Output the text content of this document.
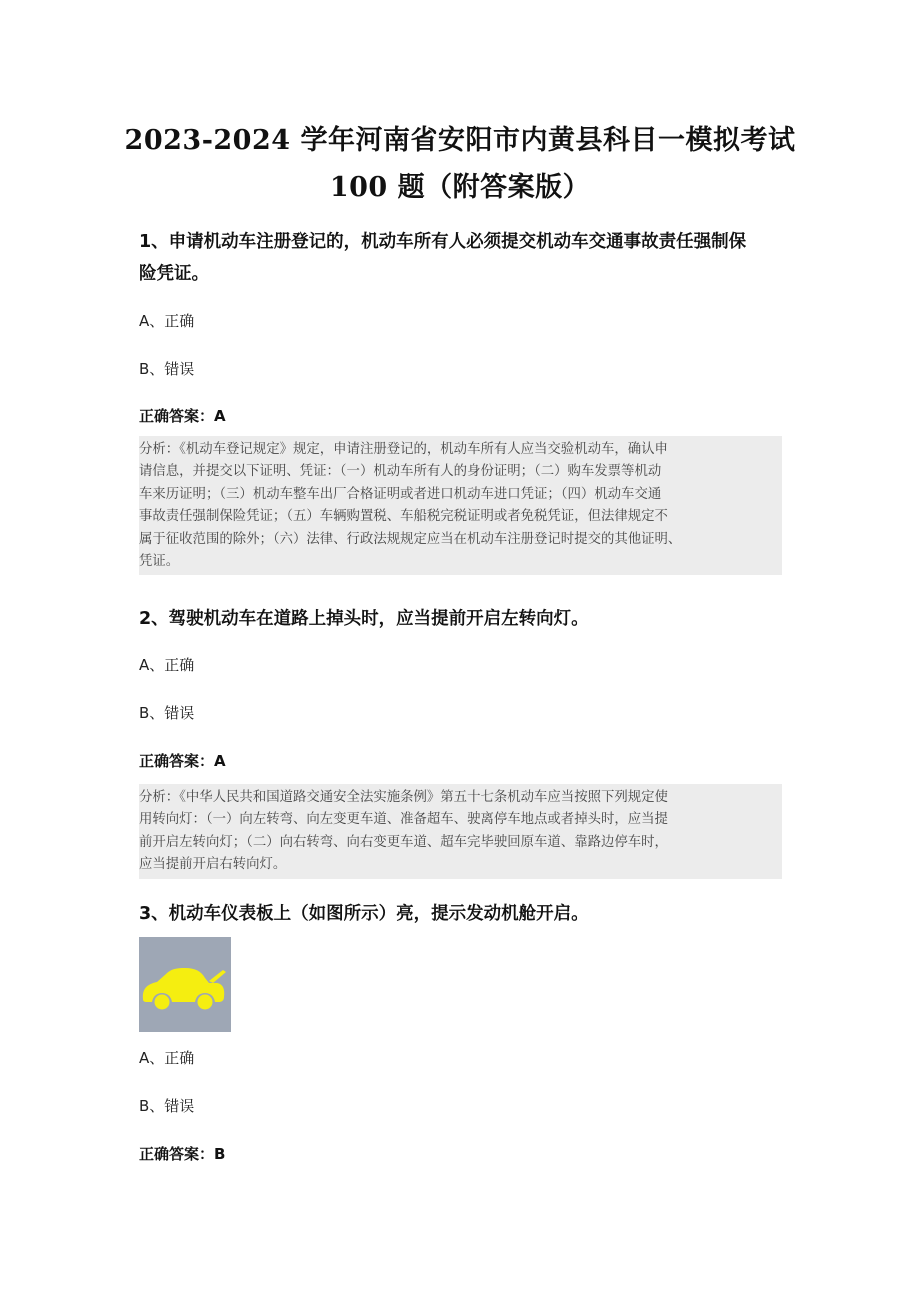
2023-2024 学年河南省安阳市内黄县科目一模拟考试
100 题（附答案版）
1、申请机动车注册登记的，机动车所有人必须提交机动车交通事故责任强制保
险凭证。
A、正确
B、错误
正确答案：A
分析：《机动车登记规定》规定，申请注册登记的，机动车所有人应当交验机动车，确认申
请信息，并提交以下证明、凭证：（一）机动车所有人的身份证明；（二）购车发票等机动
车来历证明；（三）机动车整车出厂合格证明或者进口机动车进口凭证；（四）机动车交通
事故责任强制保险凭证；（五）车辆购置税、车船税完税证明或者免税凭证，但法律规定不
属于征收范围的除外；（六）法律、行政法规规定应当在机动车注册登记时提交的其他证明、
凭证。
2、驾驶机动车在道路上掉头时，应当提前开启左转向灯。
A、正确
B、错误
正确答案：A
分析：《中华人民共和国道路交通安全法实施条例》第五十七条机动车应当按照下列规定使
用转向灯：（一）向左转弯、向左变更车道、准备超车、驶离停车地点或者掉头时，应当提
前开启左转向灯；（二）向右转弯、向右变更车道、超车完毕驶回原车道、靠路边停车时，
应当提前开启右转向灯。
3、机动车仪表板上（如图所示）亮，提示发动机舱开启。
A、正确
B、错误
正确答案：B
